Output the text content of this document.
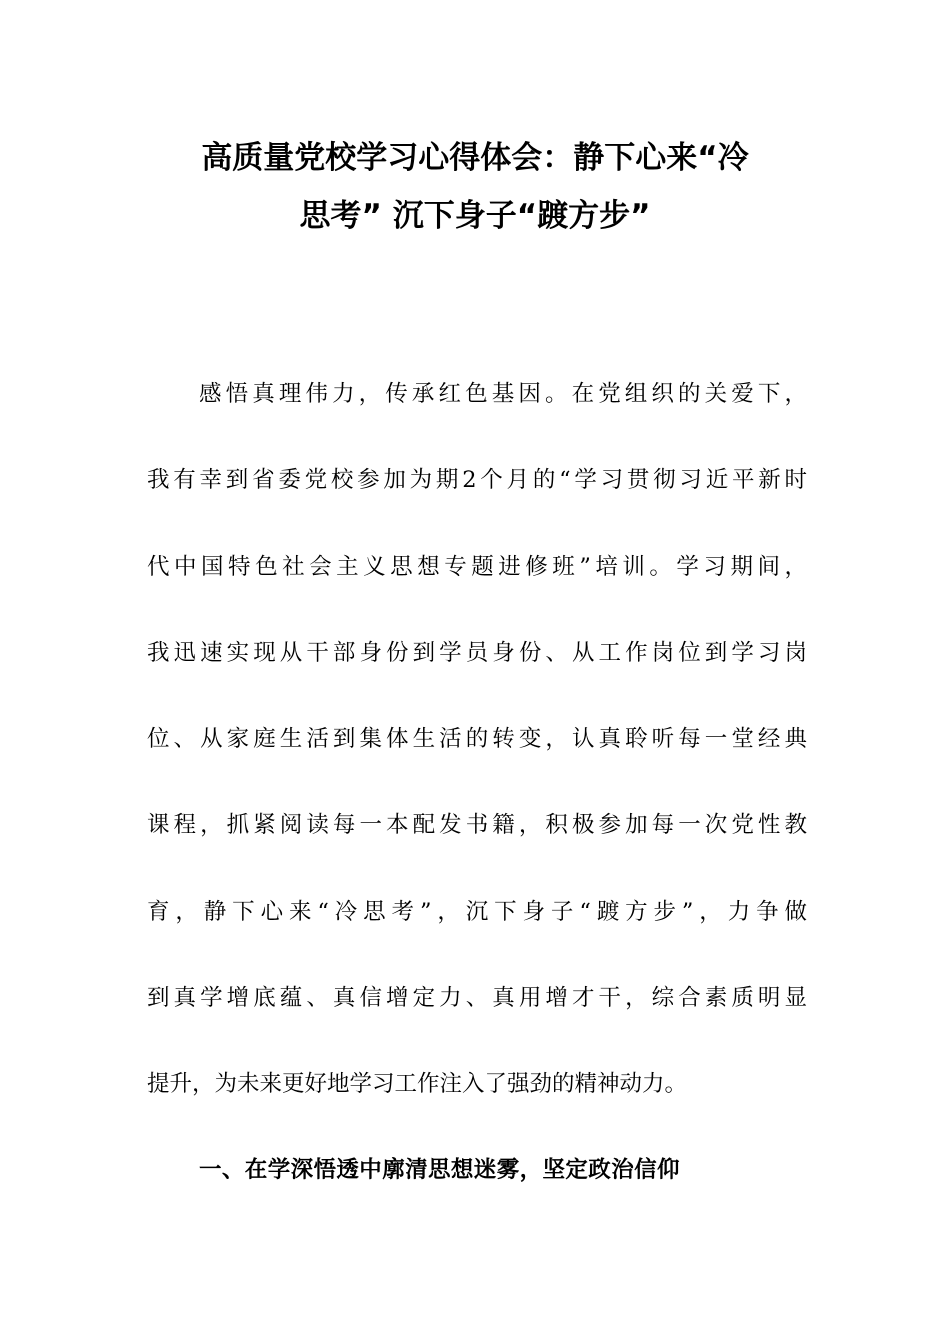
高质量党校学习心得体会：静下心来“冷
思考” 沉下身子“踱方步”
感悟真理伟力，传承红色基因。在党组织的关爱下，
我有幸到省委党校参加为期2个月的“学习贯彻习近平新时
代中国特色社会主义思想专题进修班”培训。学习期间，
我迅速实现从干部身份到学员身份、从工作岗位到学习岗
位、从家庭生活到集体生活的转变，认真聆听每一堂经典
课程，抓紧阅读每一本配发书籍，积极参加每一次党性教
育，静下心来“冷思考”，沉下身子“踱方步”，力争做
到真学增底蕴、真信增定力、真用增才干，综合素质明显
提升，为未来更好地学习工作注入了强劲的精神动力。
一、在学深悟透中廓清思想迷雾，坚定政治信仰
